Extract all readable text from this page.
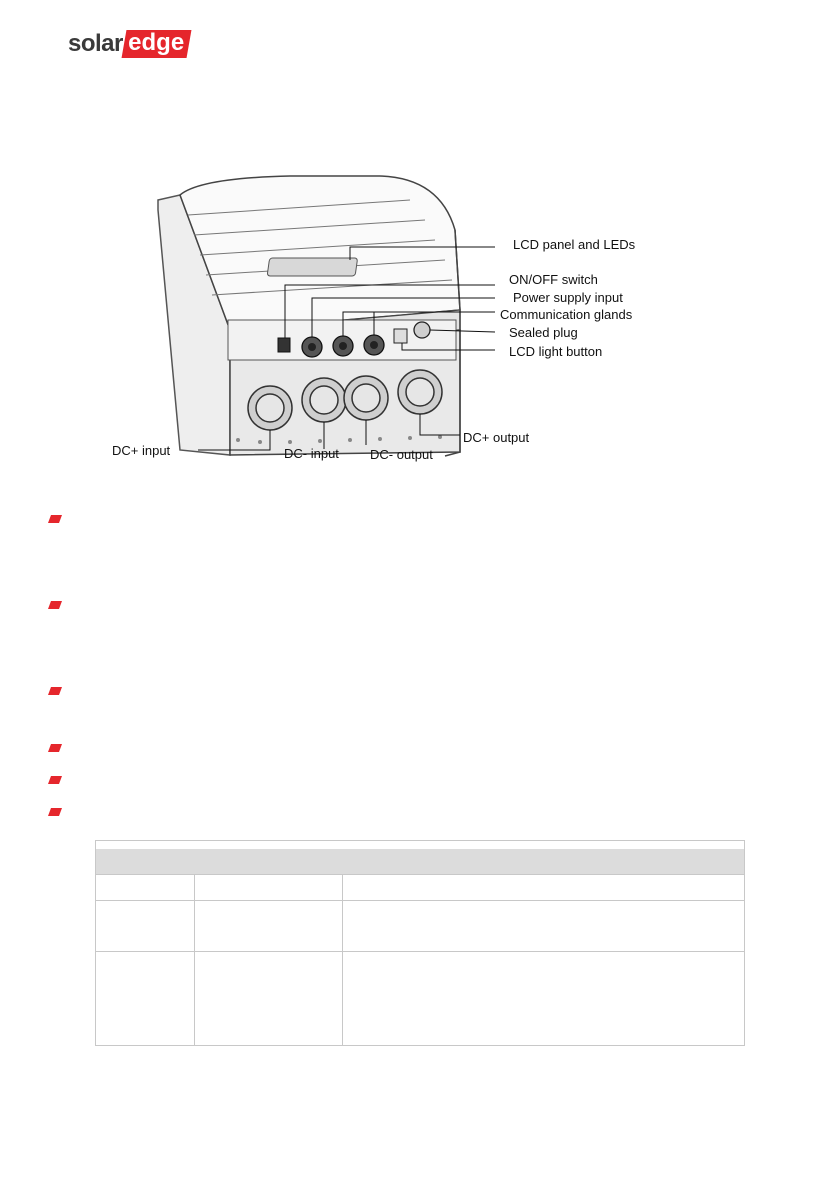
solar edge
LCD panel and LEDs
ON/OFF switch
Power supply input
Communication glands
Sealed plug
LCD light button
DC+ input	DC- input DC- output
DC+ output
